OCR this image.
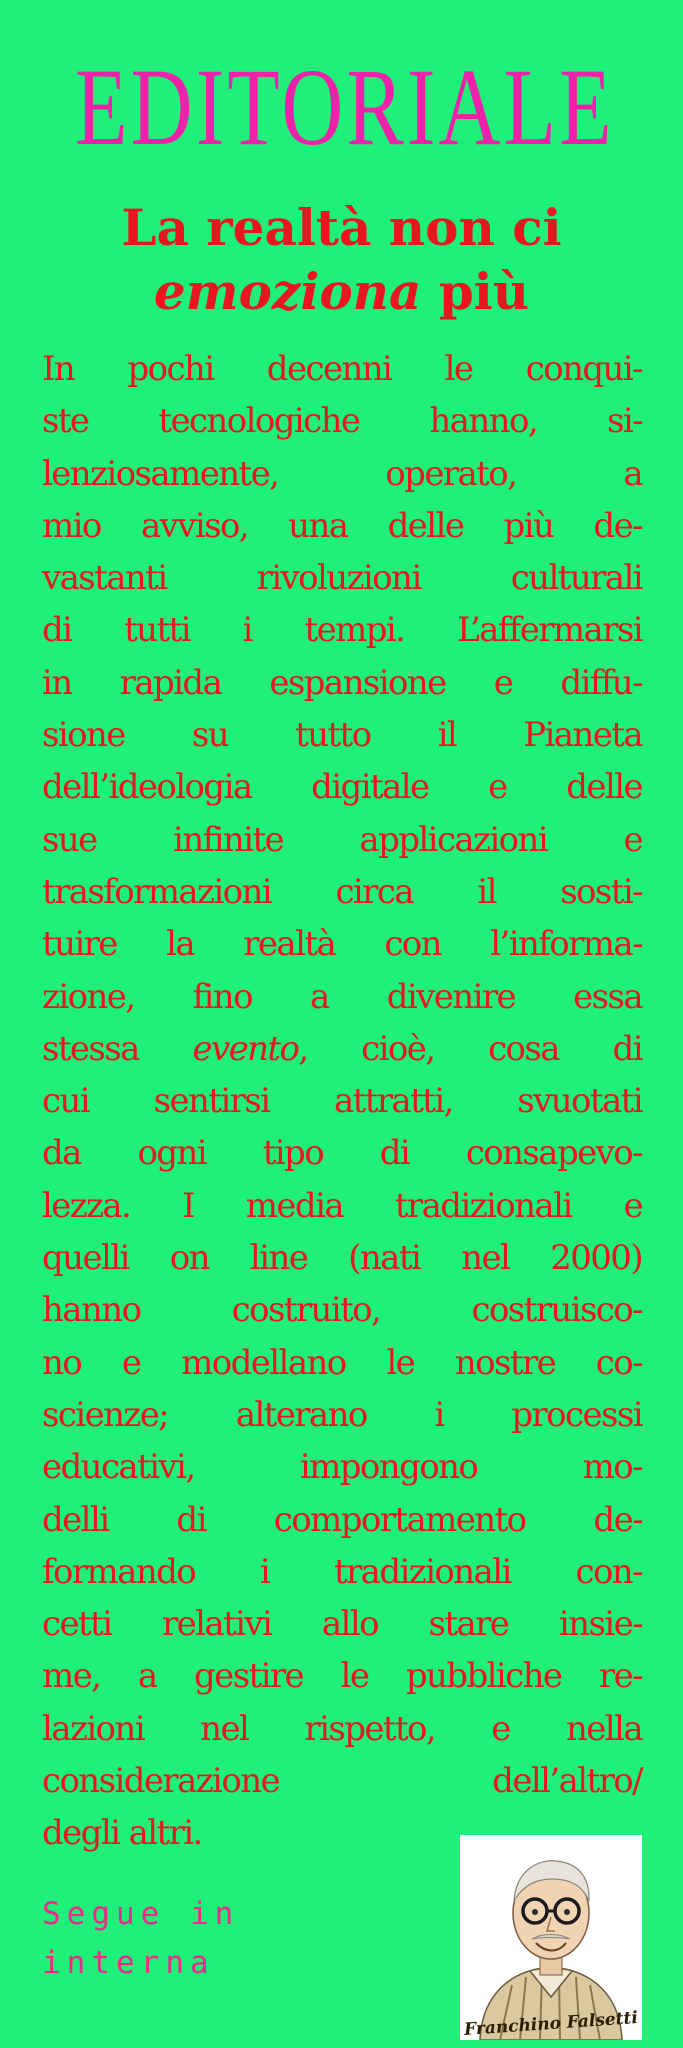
EDITORIALE
La realtà non ci
emoziona più
In pochi decenni le conqui-
ste tecnologiche hanno, si-
lenziosamente, operato, a
mio avviso, una delle più de-
vastanti rivoluzioni culturali
di tutti i tempi. L’affermarsi
in rapida espansione e diffu-
sione su tutto il Pianeta
dell’ideologia digitale e delle
sue infinite applicazioni e
trasformazioni circa il sosti-
tuire la realtà con l’informa-
zione, fino a divenire essa
stessa evento, cioè, cosa di
cui sentirsi attratti, svuotati
da ogni tipo di consapevo-
lezza. I media tradizionali e
quelli on line (nati nel 2000)
hanno costruito, costruisco-
no e modellano le nostre co-
scienze; alterano i processi
educativi, impongono mo-
delli di comportamento de-
formando i tradizionali con-
cetti relativi allo stare insie-
me, a gestire le pubbliche re-
lazioni nel rispetto, e nella
considerazione dell’altro/
degli altri.
Segue in
interna
Franchino Falsetti
